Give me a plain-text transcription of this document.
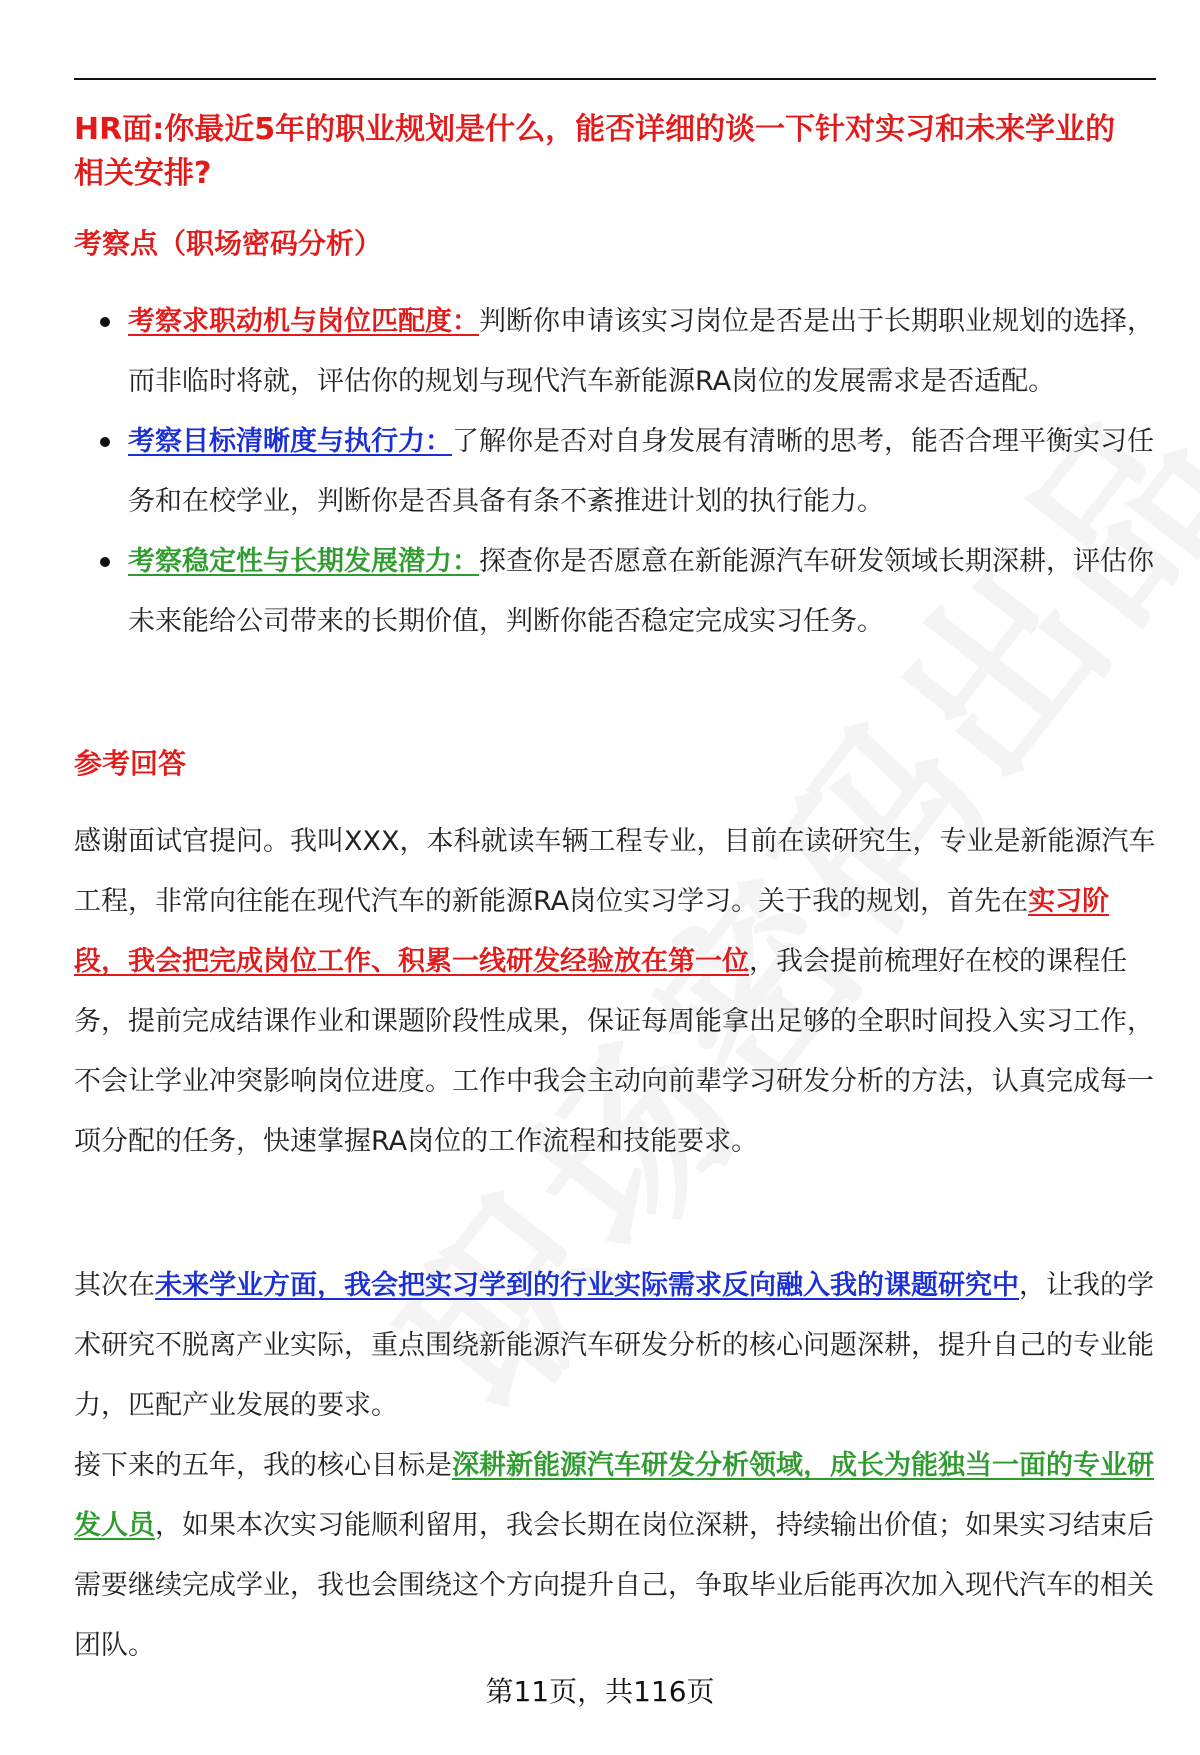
HR面:你最近5年的职业规划是什么，能否详细的谈一下针对实习和未来学业的相关安排?
考察点（职场密码分析）
考察求职动机与岗位匹配度：判断你申请该实习岗位是否是出于长期职业规划的选择，而非临时将就，评估你的规划与现代汽车新能源RA岗位的发展需求是否适配。
考察目标清晰度与执行力：了解你是否对自身发展有清晰的思考，能否合理平衡实习任务和在校学业，判断你是否具备有条不紊推进计划的执行能力。
考察稳定性与长期发展潜力：探查你是否愿意在新能源汽车研发领域长期深耕，评估你未来能给公司带来的长期价值，判断你能否稳定完成实习任务。
参考回答

感谢面试官提问。我叫XXX，本科就读车辆工程专业，目前在读研究生，专业是新能源汽车工程，非常向往能在现代汽车的新能源RA岗位实习学习。关于我的规划，首先在实习阶段，我会把完成岗位工作、积累一线研发经验放在第一位，我会提前梳理好在校的课程任务，提前完成结课作业和课题阶段性成果，保证每周能拿出足够的全职时间投入实习工作，不会让学业冲突影响岗位进度。工作中我会主动向前辈学习研发分析的方法，认真完成每一项分配的任务，快速掌握RA岗位的工作流程和技能要求。

其次在未来学业方面，我会把实习学到的行业实际需求反向融入我的课题研究中，让我的学术研究不脱离产业实际，重点围绕新能源汽车研发分析的核心问题深耕，提升自己的专业能力，匹配产业发展的要求。

接下来的五年，我的核心目标是深耕新能源汽车研发分析领域，成长为能独当一面的专业研发人员，如果本次实习能顺利留用，我会长期在岗位深耕，持续输出价值；如果实习结束后需要继续完成学业，我也会围绕这个方向提升自己，争取毕业后能再次加入现代汽车的相关团队。

第11页，共116页
